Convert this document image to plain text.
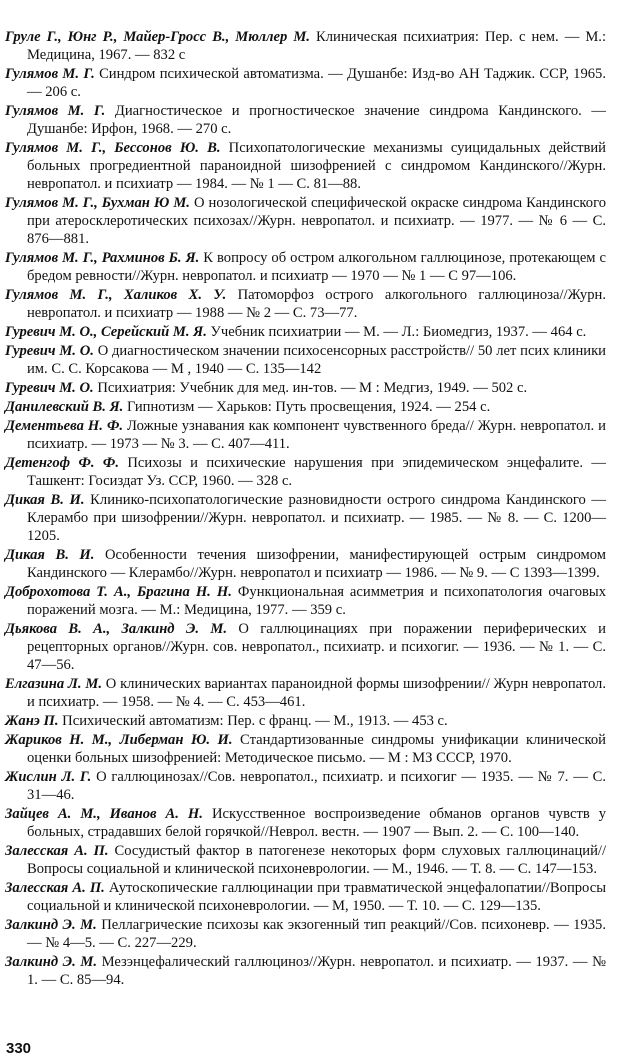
Груле Г., Юнг Р., Майер-Гросс В., Мюллер М. Клиническая психиатрия: Пер. с нем. — М.: Медицина, 1967. — 832 с

Гулямов М. Г. Синдром психической автоматизма. — Душанбе: Изд-во АН Таджик. ССР, 1965. — 206 с.

Гулямов М. Г. Диагностическое и прогностическое значение синдрома Кандинского. — Душанбе: Ирфон, 1968. — 270 с.

Гулямов М. Г., Бессонов Ю. В. Психопатологические механизмы суицидальных действий больных прогредиентной параноидной шизофренией с синдромом Кандинского//Журн. невропатол. и психиатр — 1984. — № 1 — С. 81—88.

Гулямов М. Г., Бухман Ю М. О нозологической специфической окраске синдрома Кандинского при атеросклеротических психозах//Журн. невропатол. и психиатр. — 1977. — № 6 — С. 876—881.

Гулямов М. Г., Рахминов Б. Я. К вопросу об остром алкогольном галлюцинозе, протекающем с бредом ревности//Журн. невропатол. и психиатр — 1970 — № 1 — С 97—106.

Гулямов М. Г., Халиков Х. У. Патоморфоз острого алкогольного галлюциноза//Журн. невропатол. и психиатр — 1988 — № 2 — С. 73—77.

Гуревич М. О., Серейский М. Я. Учебник психиатрии — М. — Л.: Биомедгиз, 1937. — 464 с.

Гуревич М. О. О диагностическом значении психосенсорных расстройств// 50 лет псих клиники им. С. С. Корсакова — М , 1940 — С. 135—142

Гуревич М. О. Психиатрия: Учебник для мед. ин-тов. — М : Медгиз, 1949. — 502 с.

Данилевский В. Я. Гипнотизм — Харьков: Путь просвещения, 1924. — 254 с.

Дементьева Н. Ф. Ложные узнавания как компонент чувственного бреда// Журн. невропатол. и психиатр. — 1973 — № 3. — С. 407—411.

Детенгоф Ф. Ф. Психозы и психические нарушения при эпидемическом энцефалите. — Ташкент: Госиздат Уз. ССР, 1960. — 328 с.

Дикая В. И. Клинико-психопатологические разновидности острого синдрома Кандинского — Клерамбо при шизофрении//Журн. невропатол. и психиатр. — 1985. — № 8. — С. 1200—1205.

Дикая В. И. Особенности течения шизофрении, манифестирующей острым синдромом Кандинского — Клерамбо//Журн. невропатол и психиатр — 1986. — № 9. — С 1393—1399.

Доброхотова Т. А., Брагина Н. Н. Функциональная асимметрия и психопатология очаговых поражений мозга. — М.: Медицина, 1977. — 359 с.

Дьякова В. А., Залкинд Э. М. О галлюцинациях при поражении периферических и рецепторных органов//Журн. сов. невропатол., психиатр. и психогиг. — 1936. — № 1. — С. 47—56.

Елгазина Л. М. О клинических вариантах параноидной формы шизофрении// Журн невропатол. и психиатр. — 1958. — № 4. — С. 453—461.

Жанэ П. Психический автоматизм: Пер. с франц. — М., 1913. — 453 с.

Жариков Н. М., Либерман Ю. И. Стандартизованные синдромы унификации клинической оценки больных шизофренией: Методическое письмо. — М : МЗ СССР, 1970.

Жислин Л. Г. О галлюцинозах//Сов. невропатол., психиатр. и психогиг — 1935. — № 7. — С. 31—46.

Зайцев А. М., Иванов А. Н. Искусственное воспроизведение обманов органов чувств у больных, страдавших белой горячкой//Неврол. вестн. — 1907 — Вып. 2. — С. 100—140.

Залесская А. П. Сосудистый фактор в патогенезе некоторых форм слуховых галлюцинаций//Вопросы социальной и клинической психоневрологии. — М., 1946. — Т. 8. — С. 147—153.

Залесская А. П. Аутоскопические галлюцинации при травматической энцефалопатии//Вопросы социальной и клинической психоневрологии. — М, 1950. — Т. 10. — С. 129—135.

Залкинд Э. М. Пеллагрические психозы как экзогенный тип реакций//Сов. психоневр. — 1935. — № 4—5. — С. 227—229.

Залкинд Э. М. Мезэнцефалический галлюциноз//Журн. невропатол. и психиатр. — 1937. — № 1. — С. 85—94.

330
